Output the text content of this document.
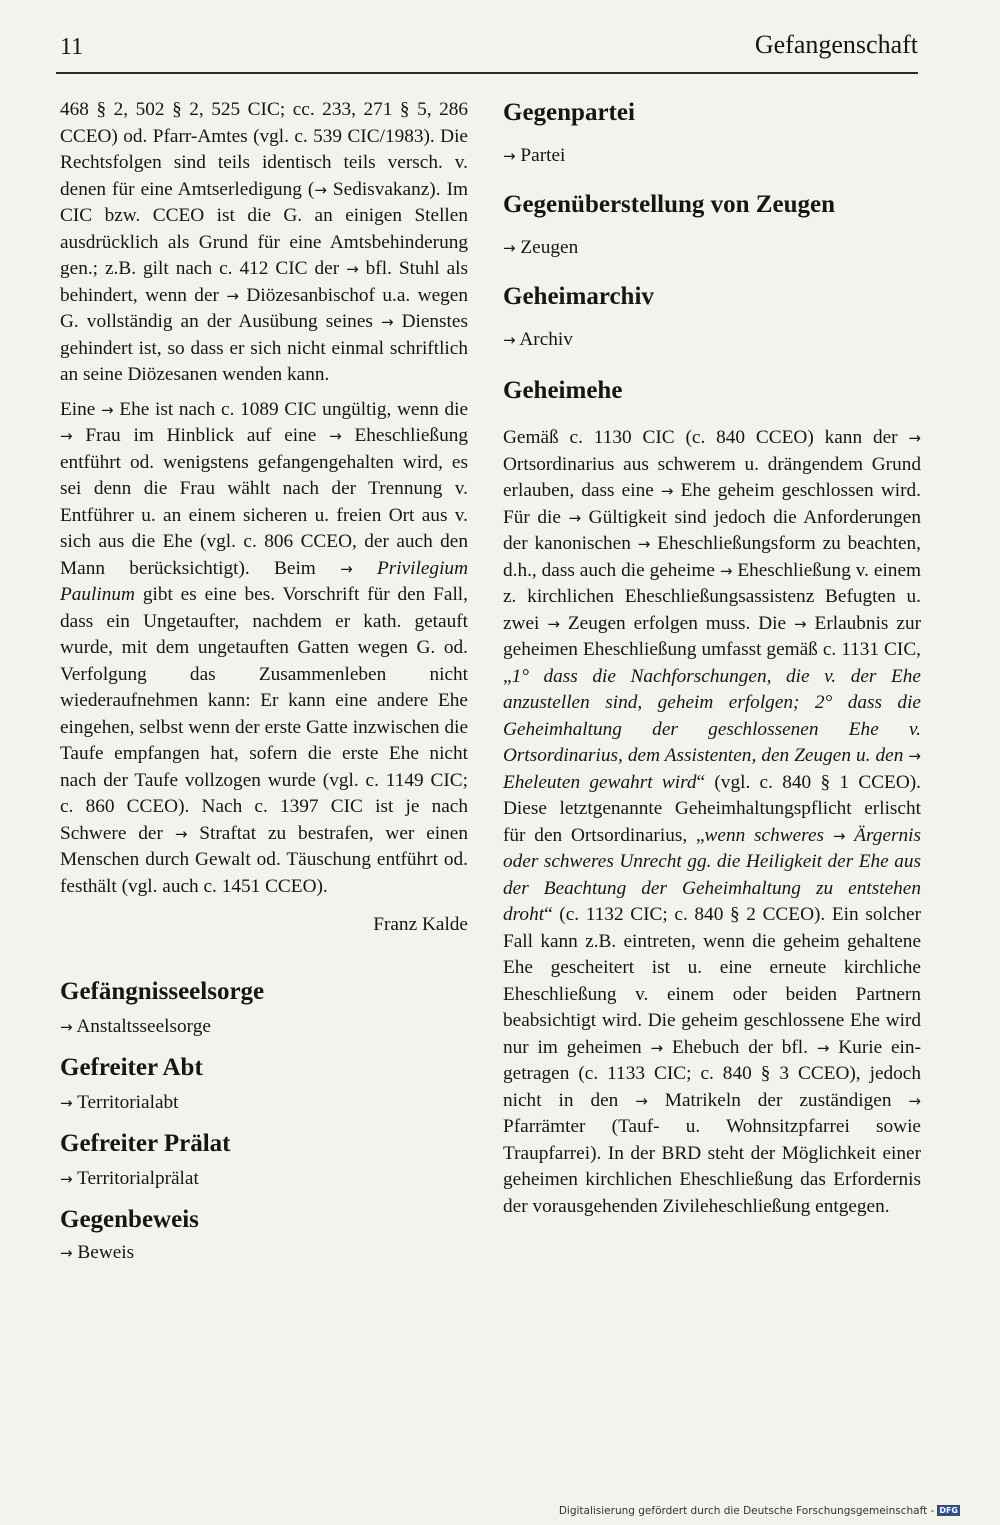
11	Gefangenschaft

468 § 2, 502 § 2, 525 CIC; cc. 233, 271 § 5, 286 CCEO) od. Pfarr-Amtes (vgl. c. 539 CIC/1983). Die Rechtsfolgen sind teils identisch teils versch. v. denen für eine Amtserledigung (→ Sedisvakanz). Im CIC bzw. CCEO ist die G. an einigen Stellen ausdrücklich als Grund für eine Amtsbehinderung gen.; z.B. gilt nach c. 412 CIC der → bfl. Stuhl als behindert, wenn der → Diözesanbischof u.a. wegen G. vollständig an der Ausübung seines → Dienstes gehindert ist, so dass er sich nicht einmal schriftlich an seine Diözesanen wenden kann.

Eine → Ehe ist nach c. 1089 CIC ungültig, wenn die → Frau im Hinblick auf eine → Eheschließung entführt od. wenigstens gefangengehalten wird, es sei denn die Frau wählt nach der Trennung v. Entführer u. an einem sicheren u. freien Ort aus v. sich aus die Ehe (vgl. c. 806 CCEO, der auch den Mann berücksichtigt). Beim → Privilegium Paulinum gibt es eine bes. Vorschrift für den Fall, dass ein Ungetaufter, nachdem er kath. getauft wurde, mit dem ungetauften Gatten wegen G. od. Verfolgung das Zusammenleben nicht wiederaufnehmen kann: Er kann eine andere Ehe eingehen, selbst wenn der erste Gatte inzwischen die Taufe empfangen hat, sofern die erste Ehe nicht nach der Taufe vollzogen wurde (vgl. c. 1149 CIC; c. 860 CCEO). Nach c. 1397 CIC ist je nach Schwere der → Straftat zu bestrafen, wer einen Menschen durch Gewalt od. Täuschung entführt od. festhält (vgl. auch c. 1451 CCEO).

Franz Kalde

Gefängnisseelsorge

→ Anstaltsseelsorge

Gefreiter Abt

→ Territorialabt

Gefreiter Prälat

→ Territorialprälat

Gegenbeweis

→ Beweis

Gegenpartei

→ Partei

Gegenüberstellung von Zeugen

→ Zeugen

Geheimarchiv

→ Archiv

Geheimehe

Gemäß c. 1130 CIC (c. 840 CCEO) kann der → Ortsordinarius aus schwerem u. drängendem Grund erlauben, dass eine → Ehe geheim geschlossen wird. Für die → Gültigkeit sind jedoch die Anforderungen der kanonischen → Eheschließungsform zu beachten, d.h., dass auch die geheime → Eheschließung v. einem z. kirchlichen Eheschließungsassistenz Befugten u. zwei → Zeugen erfolgen muss. Die → Erlaubnis zur geheimen Eheschließung umfasst gemäß c. 1131 CIC, „1° dass die Nachforschungen, die v. der Ehe anzustellen sind, geheim erfolgen; 2° dass die Geheimhaltung der geschlossenen Ehe v. Ortsordinarius, dem Assistenten, den Zeugen u. den → Eheleuten gewahrt wird“ (vgl. c. 840 § 1 CCEO). Diese letztgenannte Geheimhaltungspflicht erlischt für den Ortsordinarius, „wenn schweres → Ärgernis oder schweres Unrecht gg. die Heiligkeit der Ehe aus der Beachtung der Geheimhaltung zu entstehen droht“ (c. 1132 CIC; c. 840 § 2 CCEO). Ein solcher Fall kann z.B. eintreten, wenn die geheim gehaltene Ehe gescheitert ist u. eine erneute kirchliche Eheschließung v. einem oder beiden Partnern beabsichtigt wird. Die geheim geschlossene Ehe wird nur im geheimen → Ehebuch der bfl. → Kurie eingetragen (c. 1133 CIC; c. 840 § 3 CCEO), jedoch nicht in den → Matrikeln der zuständigen → Pfarrämter (Tauf- u. Wohnsitzpfarrei sowie Traupfarrei). In der BRD steht der Möglichkeit einer geheimen kirchlichen Eheschließung das Erfordernis der vorausgehenden Zivileheschließung entgegen.

Digitalisierung gefördert durch die Deutsche Forschungsgemeinschaft - DFG
